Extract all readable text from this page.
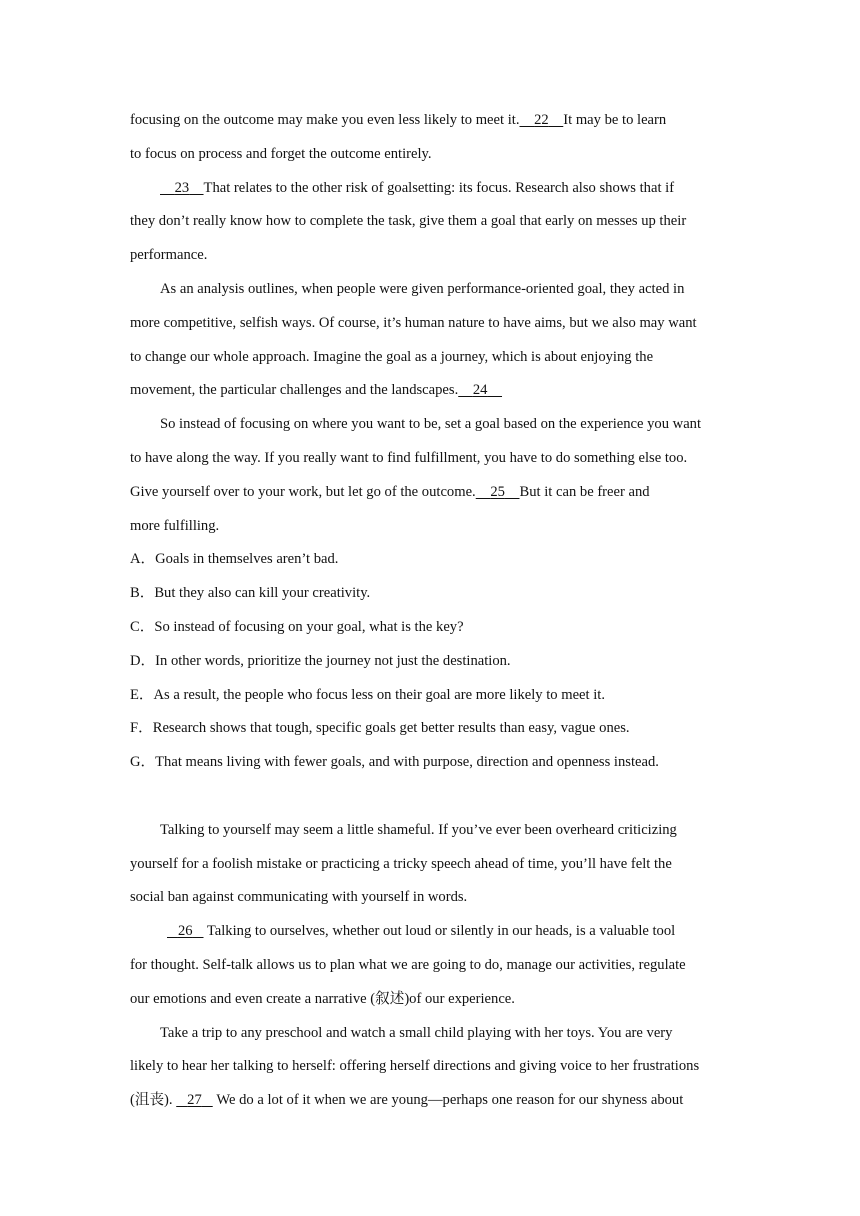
focusing on the outcome may make you even less likely to meet it. 22 It may be to learn

to focus on process and forget the outcome entirely.

23 That relates to the other risk of goalsetting: its focus. Research also shows that if

they don’t really know how to complete the task, give them a goal that early on messes up their

performance.

As an analysis outlines, when people were given performance-oriented goal, they acted in

more competitive, selfish ways. Of course, it’s human nature to have aims, but we also may want

to change our whole approach. Imagine the goal as a journey, which is about enjoying the

movement, the particular challenges and the landscapes. 24

So instead of focusing on where you want to be, set a goal based on the experience you want

to have along the way. If you really want to find fulfillment, you have to do something else too.

Give yourself over to your work, but let go of the outcome. 25 But it can be freer and

more fulfilling.

A．Goals in themselves aren’t bad.

B．But they also can kill your creativity.

C．So instead of focusing on your goal, what is the key?

D．In other words, prioritize the journey not just the destination.

E．As a result, the people who focus less on their goal are more likely to meet it.

F．Research shows that tough, specific goals get better results than easy, vague ones.

G．That means living with fewer goals, and with purpose, direction and openness instead.

Talking to yourself may seem a little shameful. If you’ve ever been overheard criticizing

yourself for a foolish mistake or practicing a tricky speech ahead of time, you’ll have felt the

social ban against communicating with yourself in words.

26    Talking to ourselves, whether out loud or silently in our heads, is a valuable tool

for thought. Self-talk allows us to plan what we are going to do, manage our activities, regulate

our emotions and even create a narrative (叙述)of our experience.

Take a trip to any preschool and watch a small child playing with her toys. You are very

likely to hear her talking to herself: offering herself directions and giving voice to her frustrations

(沮丧).    27    We do a lot of it when we are young—perhaps one reason for our shyness about
